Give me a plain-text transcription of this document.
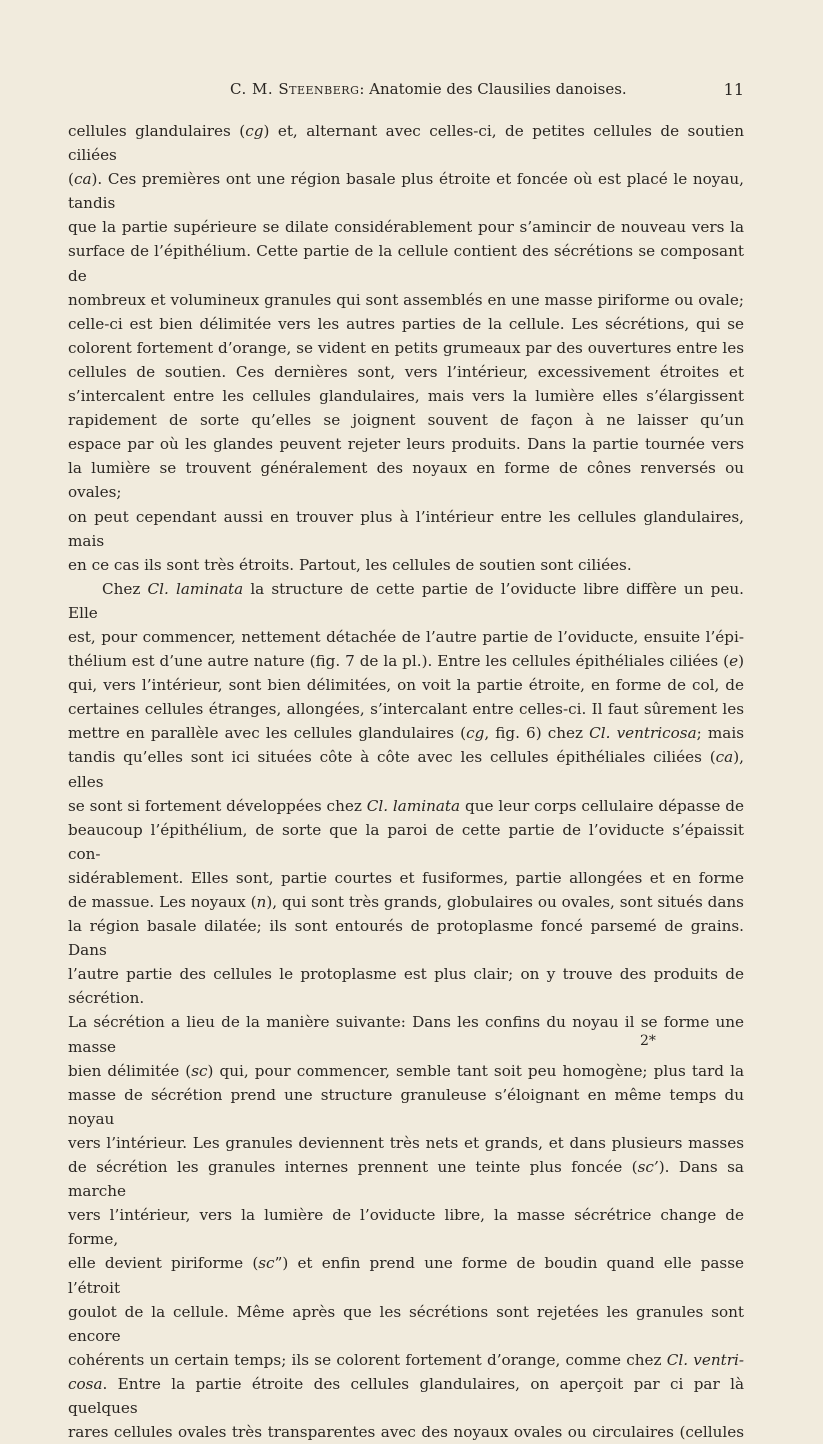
C. M. Steenberg: Anatomie des Clausilies danoises.	11

cellules glandulaires (cg) et, alternant avec celles-ci, de petites cellules de soutien ciliées

(ca). Ces premières ont une région basale plus étroite et foncée où est placé le noyau, tandis

que la partie supérieure se dilate considérablement pour s’amincir de nouveau vers la

surface de l’épithélium. Cette partie de la cellule contient des sécrétions se composant de

nombreux et volumineux granules qui sont assemblés en une masse piriforme ou ovale;

celle-ci est bien délimitée vers les autres parties de la cellule. Les sécrétions, qui se

colorent fortement d’orange, se vident en petits grumeaux par des ouvertures entre les

cellules de soutien. Ces dernières sont, vers l’intérieur, excessivement étroites et

s’intercalent entre les cellules glandulaires, mais vers la lumière elles s’élargissent

rapidement de sorte qu’elles se joignent souvent de façon à ne laisser qu’un

espace par où les glandes peuvent rejeter leurs produits. Dans la partie tournée vers

la lumière se trouvent généralement des noyaux en forme de cônes renversés ou ovales;

on peut cependant aussi en trouver plus à l’intérieur entre les cellules glandulaires, mais

en ce cas ils sont très étroits. Partout, les cellules de soutien sont ciliées.

Chez Cl. laminata la structure de cette partie de l’oviducte libre diffère un peu. Elle

est, pour commencer, nettement détachée de l’autre partie de l’oviducte, ensuite l’épi-

thélium est d’une autre nature (fig. 7 de la pl.). Entre les cellules épithéliales ciliées (e)

qui, vers l’intérieur, sont bien délimitées, on voit la partie étroite, en forme de col, de

certaines cellules étranges, allongées, s’intercalant entre celles-ci. Il faut sûrement les

mettre en parallèle avec les cellules glandulaires (cg, fig. 6) chez Cl. ventricosa; mais

tandis qu’elles sont ici situées côte à côte avec les cellules épithéliales ciliées (ca), elles

se sont si fortement développées chez Cl. laminata que leur corps cellulaire dépasse de

beaucoup l’épithélium, de sorte que la paroi de cette partie de l’oviducte s’épaissit con-

sidérablement. Elles sont, partie courtes et fusiformes, partie allongées et en forme

de massue. Les noyaux (n), qui sont très grands, globulaires ou ovales, sont situés dans

la région basale dilatée; ils sont entourés de protoplasme foncé parsemé de grains. Dans

l’autre partie des cellules le protoplasme est plus clair; on y trouve des produits de sécrétion.

La sécrétion a lieu de la manière suivante: Dans les confins du noyau il se forme une masse

bien délimitée (sc) qui, pour commencer, semble tant soit peu homogène; plus tard la

masse de sécrétion prend une structure granuleuse s’éloignant en même temps du noyau

vers l’intérieur. Les granules deviennent très nets et grands, et dans plusieurs masses

de sécrétion les granules internes prennent une teinte plus foncée (sc’). Dans sa marche

vers l’intérieur, vers la lumière de l’oviducte libre, la masse sécrétrice change de forme,

elle devient piriforme (sc”) et enfin prend une forme de boudin quand elle passe l’étroit

goulot de la cellule. Même après que les sécrétions sont rejetées les granules sont encore

cohérents un certain temps; ils se colorent fortement d’orange, comme chez Cl. ventri-

cosa. Entre la partie étroite des cellules glandulaires, on aperçoit par ci par là quelques

rares cellules ovales très transparentes avec des noyaux ovales ou circulaires (cellules

2*
